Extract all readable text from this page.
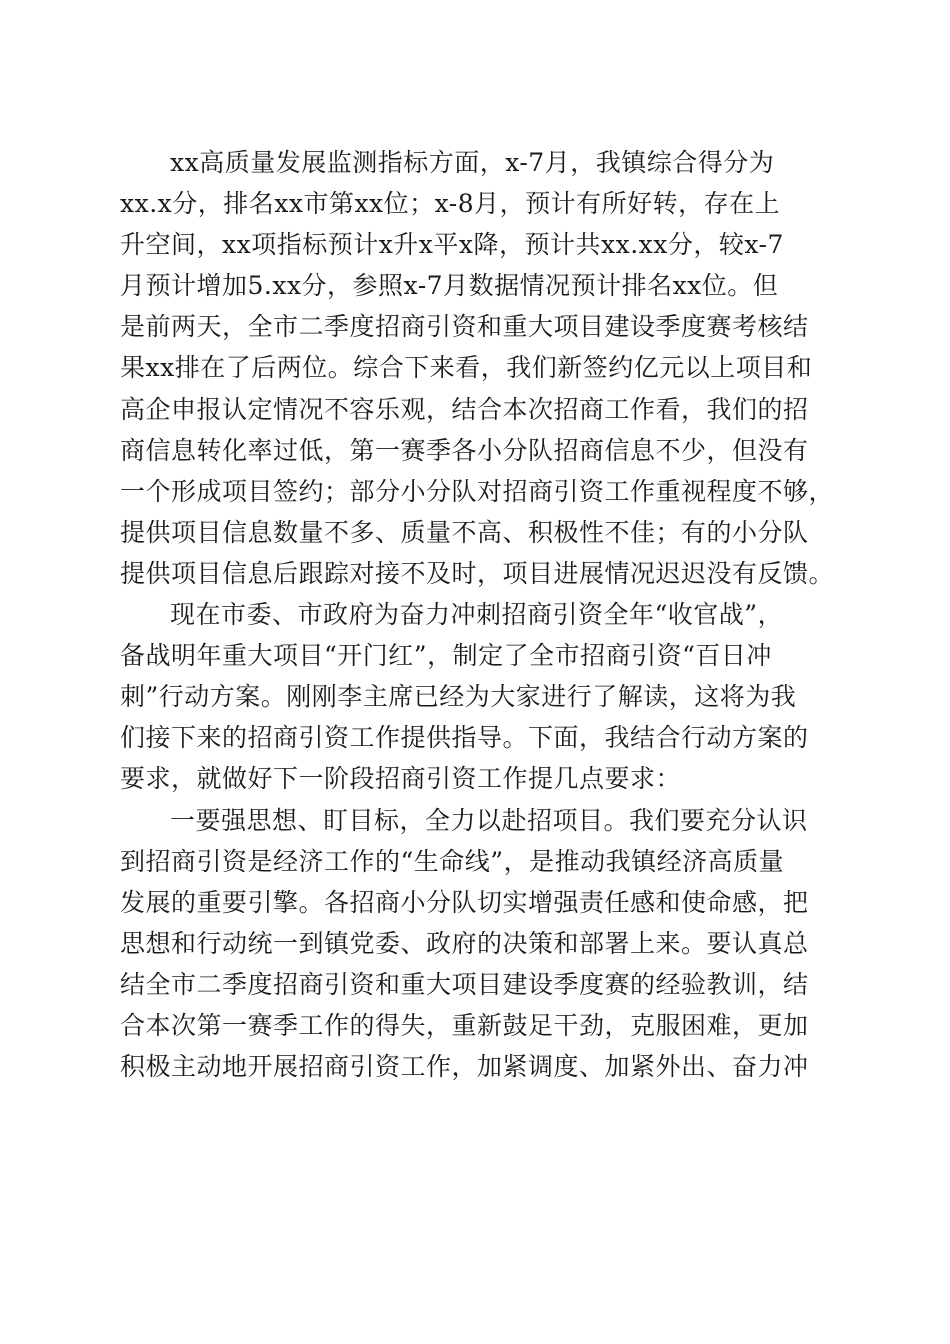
xx高质量发展监测指标方面，x-7月，我镇综合得分为
xx.x分，排名xx市第xx位；x-8月，预计有所好转，存在上
升空间，xx项指标预计x升x平x降，预计共xx.xx分，较x-7
月预计增加5.xx分，参照x-7月数据情况预计排名xx位。但
是前两天，全市二季度招商引资和重大项目建设季度赛考核结
果xx排在了后两位。综合下来看，我们新签约亿元以上项目和
高企申报认定情况不容乐观，结合本次招商工作看，我们的招
商信息转化率过低，第一赛季各小分队招商信息不少，但没有
一个形成项目签约；部分小分队对招商引资工作重视程度不够，
提供项目信息数量不多、质量不高、积极性不佳；有的小分队
提供项目信息后跟踪对接不及时，项目进展情况迟迟没有反馈。
现在市委、市政府为奋力冲刺招商引资全年“收官战”，
备战明年重大项目“开门红”，制定了全市招商引资“百日冲
刺”行动方案。刚刚李主席已经为大家进行了解读，这将为我
们接下来的招商引资工作提供指导。下面，我结合行动方案的
要求，就做好下一阶段招商引资工作提几点要求：
一要强思想、盯目标，全力以赴招项目。我们要充分认识
到招商引资是经济工作的“生命线”，是推动我镇经济高质量
发展的重要引擎。各招商小分队切实增强责任感和使命感，把
思想和行动统一到镇党委、政府的决策和部署上来。要认真总
结全市二季度招商引资和重大项目建设季度赛的经验教训，结
合本次第一赛季工作的得失，重新鼓足干劲，克服困难，更加
积极主动地开展招商引资工作，加紧调度、加紧外出、奋力冲
